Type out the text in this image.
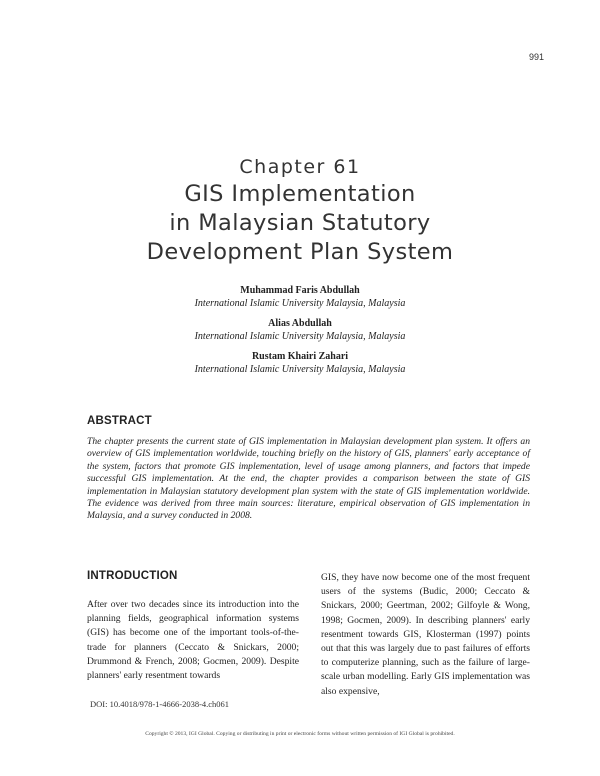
991
Chapter 61
GIS Implementation
in Malaysian Statutory
Development Plan System
Muhammad Faris Abdullah
International Islamic University Malaysia, Malaysia
Alias Abdullah
International Islamic University Malaysia, Malaysia
Rustam Khairi Zahari
International Islamic University Malaysia, Malaysia
ABSTRACT
The chapter presents the current state of GIS implementation in Malaysian development plan system. It offers an overview of GIS implementation worldwide, touching briefly on the history of GIS, planners' early acceptance of the system, factors that promote GIS implementation, level of usage among planners, and factors that impede successful GIS implementation. At the end, the chapter provides a comparison between the state of GIS implementation in Malaysian statutory development plan system with the state of GIS implementation worldwide. The evidence was derived from three main sources: literature, empirical observation of GIS implementation in Malaysia, and a survey conducted in 2008.
INTRODUCTION
After over two decades since its introduction into the planning fields, geographical information systems (GIS) has become one of the important tools-of-the-trade for planners (Ceccato & Snickars, 2000; Drummond & French, 2008; Gocmen, 2009). Despite planners' early resentment towards
GIS, they have now become one of the most frequent users of the systems (Budic, 2000; Ceccato & Snickars, 2000; Geertman, 2002; Gilfoyle & Wong, 1998; Gocmen, 2009). In describing planners' early resentment towards GIS, Klosterman (1997) points out that this was largely due to past failures of efforts to computerize planning, such as the failure of large-scale urban modelling. Early GIS implementation was also expensive,
DOI: 10.4018/978-1-4666-2038-4.ch061
Copyright © 2013, IGI Global. Copying or distributing in print or electronic forms without written permission of IGI Global is prohibited.
